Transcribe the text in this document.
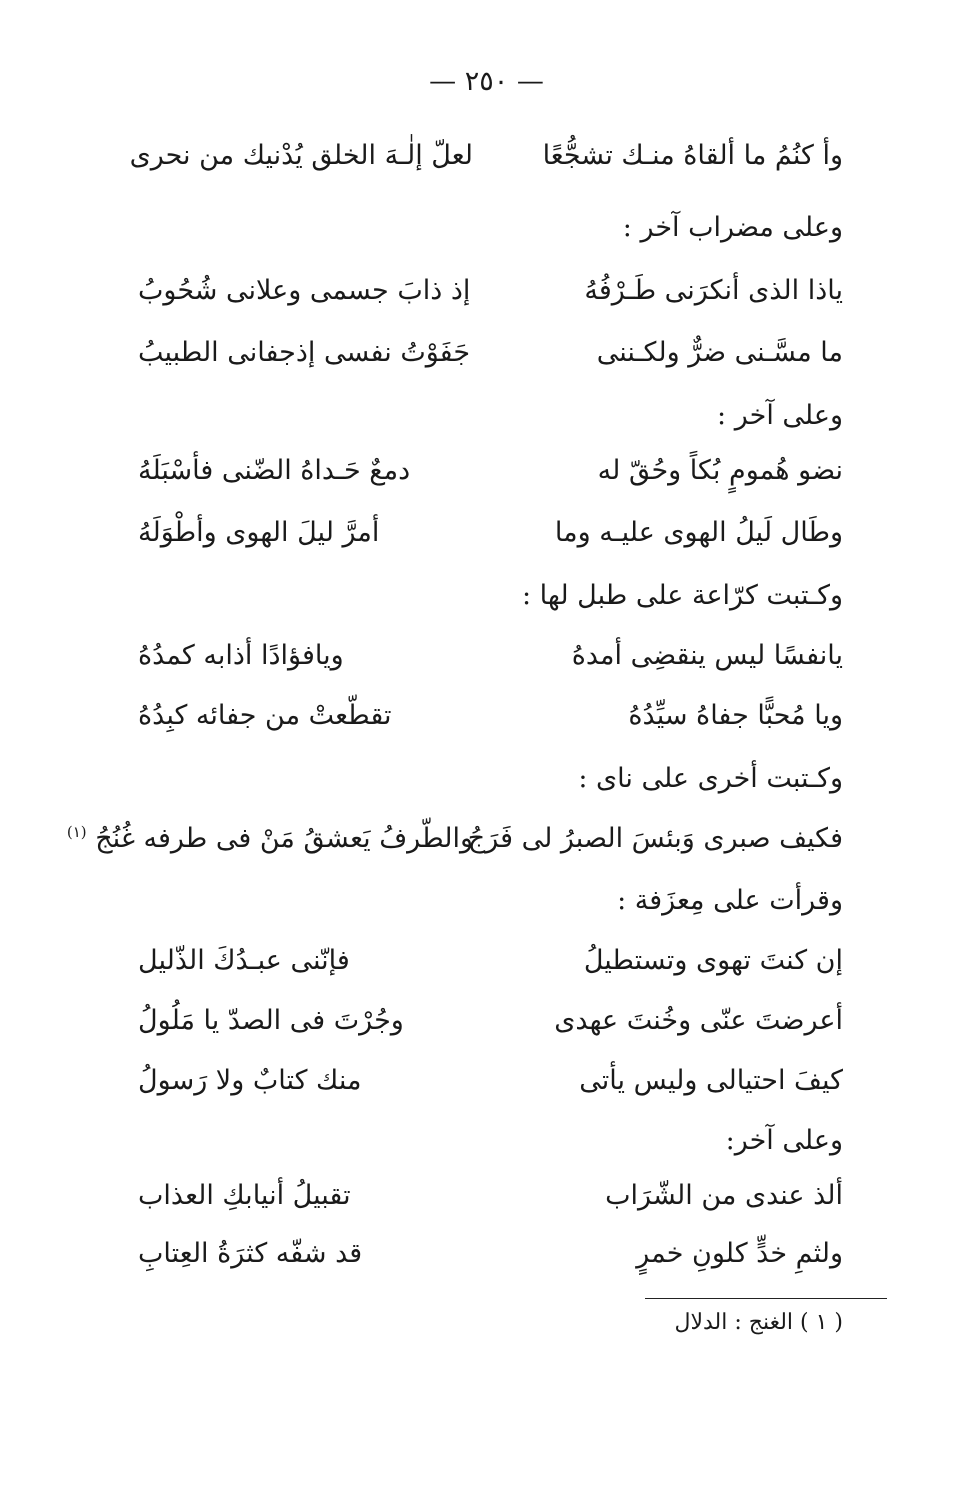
— ٢٥٠ —
وأ كنُمُ ما ألقاهُ منـك تشجُّعًا
لعلّ إلٰـهَ الخلق يُدْنيك من نحرى
وعلى مضراب آخر :
ياذا الذى أنكرَنى طَـرْفُهُ
إذ ذابَ جسمى وعلانى شُحُوبُ
ما مسَّـنى ضرٌّ ولكـننى
جَفَوْتُ نفسى إذجفانى الطبيبُ
وعلى آخر :
نضو هُمومٍ بُكاً وحُقّ له
دمعٌ حَـداهُ الضّنى فأسْبَلَهُ
وطَال لَيلُ الهوى عليـه وما
أمرَّ ليلَ الهوى وأطْوَلَهُ
وكـتبت كرّاعة على طبل لها :
يانفسًا ليس ينقضِى أمدهُ
ويافؤادًا أذابه كمدُهُ
ويا مُحبًّا جفاهُ سيِّدُهُ
تقطّعتْ من جفائه كبِدُهُ
وكـتبت أخرى على ناى :
فكيف صبرى وَبئسَ الصبرُ لى فَرَجُ
والطّرفُ يَعشقُ مَنْ فى طرفه غُنُجُ $^{(١)}$
وقرأت على مِعزَفة :
إن كنتَ تهوى وتستطيلُ
فإنّنى عبـدُكَ الذّليل
أعرضتَ عنّى وخُنتَ عهدى
وجُرْتَ فى الصدّ يا مَلُولُ
كيفَ احتيالى وليس يأتى
منك كتابٌ ولا رَسولُ
وعلى آخر:
ألذ عندى من الشّرَاب
تقبيلُ أنيابكِ العذاب
ولثمِ خدٍّ كلونِ خمرٍ
قد شفّه كثرَةُ العِتابِ
( ١ ) الغنج : الدلال
